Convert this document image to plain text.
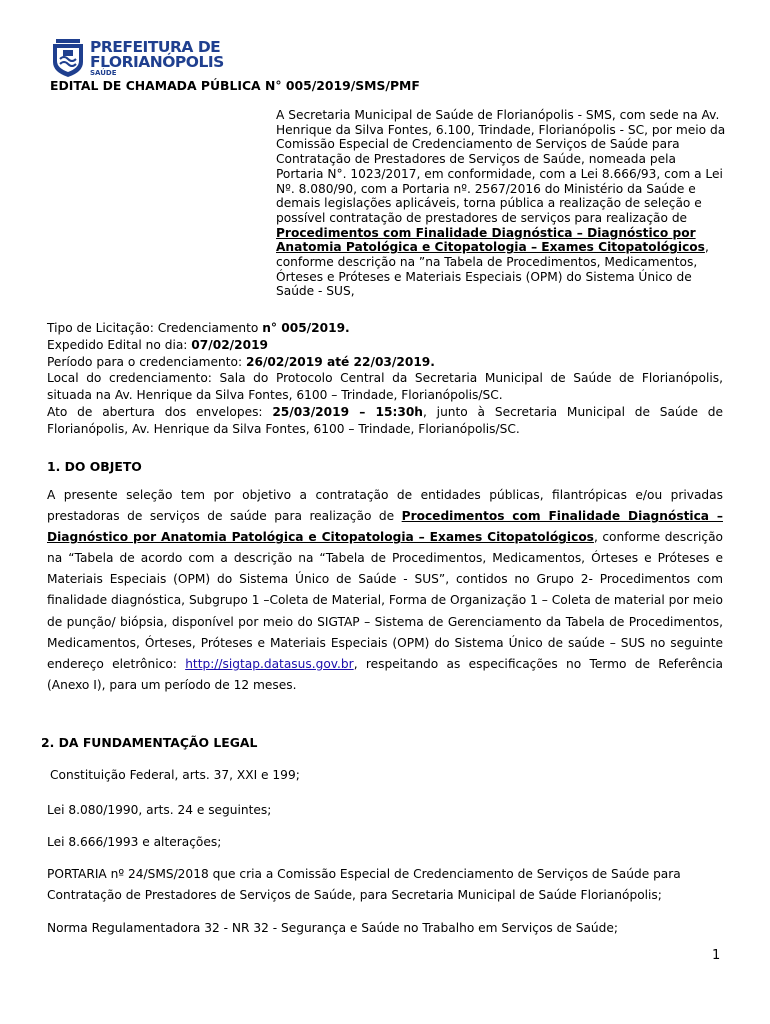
PREFEITURA DE
FLORIANÓPOLIS
SAÚDE
EDITAL DE CHAMADA PÚBLICA N° 005/2019/SMS/PMF
A Secretaria Municipal de Saúde de Florianópolis - SMS, com sede na Av. Henrique da Silva Fontes, 6.100, Trindade, Florianópolis - SC, por meio da Comissão Especial de Credenciamento de Serviços de Saúde para Contratação de Prestadores de Serviços de Saúde, nomeada pela Portaria N°. 1023/2017, em conformidade, com a Lei 8.666/93, com a Lei Nº. 8.080/90, com a Portaria nº. 2567/2016 do Ministério da Saúde e demais legislações aplicáveis, torna pública a realização de seleção e possível contratação de prestadores de serviços para realização de Procedimentos com Finalidade Diagnóstica – Diagnóstico por Anatomia Patológica e Citopatologia – Exames Citopatológicos, conforme descrição na ”na Tabela de Procedimentos, Medicamentos, Órteses e Próteses e Materiais Especiais (OPM) do Sistema Único de Saúde - SUS,

Tipo de Licitação: Credenciamento n° 005/2019.

Expedido Edital no dia: 07/02/2019

Período para o credenciamento: 26/02/2019 até 22/03/2019.

Local do credenciamento: Sala do Protocolo Central da Secretaria Municipal de Saúde de Florianópolis, situada na Av. Henrique da Silva Fontes, 6100 – Trindade, Florianópolis/SC.

Ato de abertura dos envelopes: 25/03/2019 – 15:30h, junto à Secretaria Municipal de Saúde de Florianópolis, Av. Henrique da Silva Fontes, 6100 – Trindade, Florianópolis/SC.

1. DO OBJETO
A presente seleção tem por objetivo a contratação de entidades públicas, filantrópicas e/ou privadas prestadoras de serviços de saúde para realização de Procedimentos com Finalidade Diagnóstica – Diagnóstico por Anatomia Patológica e Citopatologia – Exames Citopatológicos, conforme descrição na “Tabela de acordo com a descrição na “Tabela de Procedimentos, Medicamentos, Órteses e Próteses e Materiais Especiais (OPM) do Sistema Único de Saúde - SUS”, contidos no Grupo 2- Procedimentos com finalidade diagnóstica, Subgrupo 1 –Coleta de Material, Forma de Organização 1 – Coleta de material por meio de punção/ biópsia, disponível por meio do SIGTAP – Sistema de Gerenciamento da Tabela de Procedimentos, Medicamentos, Órteses, Próteses e Materiais Especiais (OPM) do Sistema Único de saúde – SUS no seguinte endereço eletrônico: http://sigtap.datasus.gov.br, respeitando as especificações no Termo de Referência (Anexo I), para um período de 12 meses.
2. DA FUNDAMENTAÇÃO LEGAL
Constituição Federal, arts. 37, XXI e 199;
Lei 8.080/1990, arts. 24 e seguintes;
Lei 8.666/1993 e alterações;
PORTARIA nº 24/SMS/2018 que cria a Comissão Especial de Credenciamento de Serviços de Saúde para Contratação de Prestadores de Serviços de Saúde, para Secretaria Municipal de Saúde Florianópolis;
Norma Regulamentadora 32 - NR 32 - Segurança e Saúde no Trabalho em Serviços de Saúde;
1
